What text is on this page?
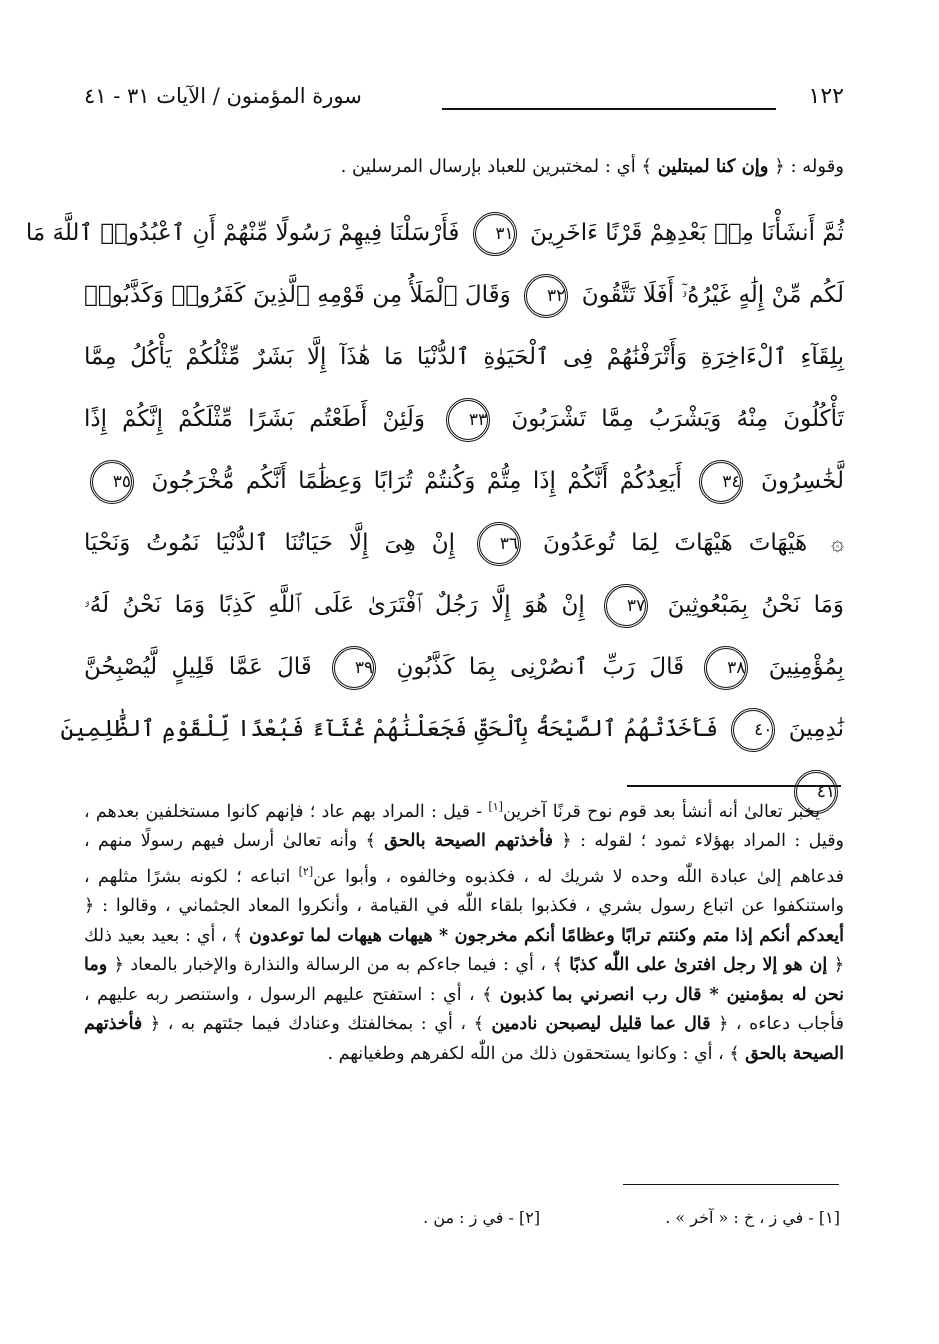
١٢٢
سورة المؤمنون / الآيات ٣١ - ٤١
وقوله : ﴿ وإن كنا لمبتلين ﴾ أي : لمختبرين للعباد بإرسال المرسلين .
ثُمَّ أَنشَأْنَا مِنۢ بَعْدِهِمْ قَرْنًا ءَاخَرِينَ ٣١ فَأَرْسَلْنَا فِيهِمْ رَسُولًا مِّنْهُمْ أَنِ ٱعْبُدُوا۟ ٱللَّهَ مَا
لَكُم مِّنْ إِلَٰهٍ غَيْرُهُۥٓ أَفَلَا تَتَّقُونَ ٣٢ وَقَالَ ٱلْمَلَأُ مِن قَوْمِهِ ٱلَّذِينَ كَفَرُوا۟ وَكَذَّبُوا۟
بِلِقَآءِ ٱلْءَاخِرَةِ وَأَتْرَفْنَٰهُمْ فِى ٱلْحَيَوٰةِ ٱلدُّنْيَا مَا هَٰذَآ إِلَّا بَشَرٌ مِّثْلُكُمْ يَأْكُلُ مِمَّا
تَأْكُلُونَ مِنْهُ وَيَشْرَبُ مِمَّا تَشْرَبُونَ ٣٣ وَلَئِنْ أَطَعْتُم بَشَرًا مِّثْلَكُمْ إِنَّكُمْ إِذًا
لَّخَٰسِرُونَ ٣٤ أَيَعِدُكُمْ أَنَّكُمْ إِذَا مِتُّمْ وَكُنتُمْ تُرَابًا وَعِظَٰمًا أَنَّكُم مُّخْرَجُونَ ٣٥
۞ هَيْهَاتَ هَيْهَاتَ لِمَا تُوعَدُونَ ٣٦ إِنْ هِىَ إِلَّا حَيَاتُنَا ٱلدُّنْيَا نَمُوتُ وَنَحْيَا
وَمَا نَحْنُ بِمَبْعُوثِينَ ٣٧ إِنْ هُوَ إِلَّا رَجُلٌ ٱفْتَرَىٰ عَلَى ٱللَّهِ كَذِبًا وَمَا نَحْنُ لَهُۥ
بِمُؤْمِنِينَ ٣٨ قَالَ رَبِّ ٱنصُرْنِى بِمَا كَذَّبُونِ ٣٩ قَالَ عَمَّا قَلِيلٍ لَّيُصْبِحُنَّ
نَٰدِمِينَ ٤٠ فَأَخَذَتْهُمُ ٱلصَّيْحَةُ بِٱلْحَقِّ فَجَعَلْنَٰهُمْ غُثَآءً فَبُعْدًا لِّلْقَوْمِ ٱلظَّٰلِمِينَ
٤١

يخبر تعالىٰ أنه أنشأ بعد قوم نوح قرنًا آخرين[١] - قيل : المراد بهم عاد ؛ فإنهم كانوا مستخلفين بعدهم ، وقيل : المراد بهؤلاء ثمود ؛ لقوله : ﴿ فأخذتهم الصيحة بالحق ﴾ وأنه تعالىٰ أرسل فيهم رسولًا منهم ، فدعاهم إلىٰ عبادة اللّٰه وحده لا شريك له ، فكذبوه وخالفوه ، وأبوا عن[٢] اتباعه ؛ لكونه بشرًا مثلهم ، واستنكفوا عن اتباع رسول بشري ، فكذبوا بلقاء اللّٰه في القيامة ، وأنكروا المعاد الجثماني ، وقالوا : ﴿ أيعدكم أنكم إذا متم وكنتم ترابًا وعظامًا أنكم مخرجون * هيهات هيهات لما توعدون ﴾ ، أي : بعيد بعيد ذلك ﴿ إن هو إلا رجل افترىٰ على اللّٰه كذبًا ﴾ ، أي : فيما جاءكم به من الرسالة والنذارة والإخبار بالمعاد ﴿ وما نحن له بمؤمنين * قال رب انصرني بما كذبون ﴾ ، أي : استفتح عليهم الرسول ، واستنصر ربه عليهم ، فأجاب دعاءه ، ﴿ قال عما قليل ليصبحن نادمين ﴾ ، أي : بمخالفتك وعنادك فيما جئتهم به ، ﴿ فأخذتهم الصيحة بالحق ﴾ ، أي : وكانوا يستحقون ذلك من اللّٰه لكفرهم وطغيانهم .

[١] - في ز ، خ : « آخر » . [٢] - في ز : من .
